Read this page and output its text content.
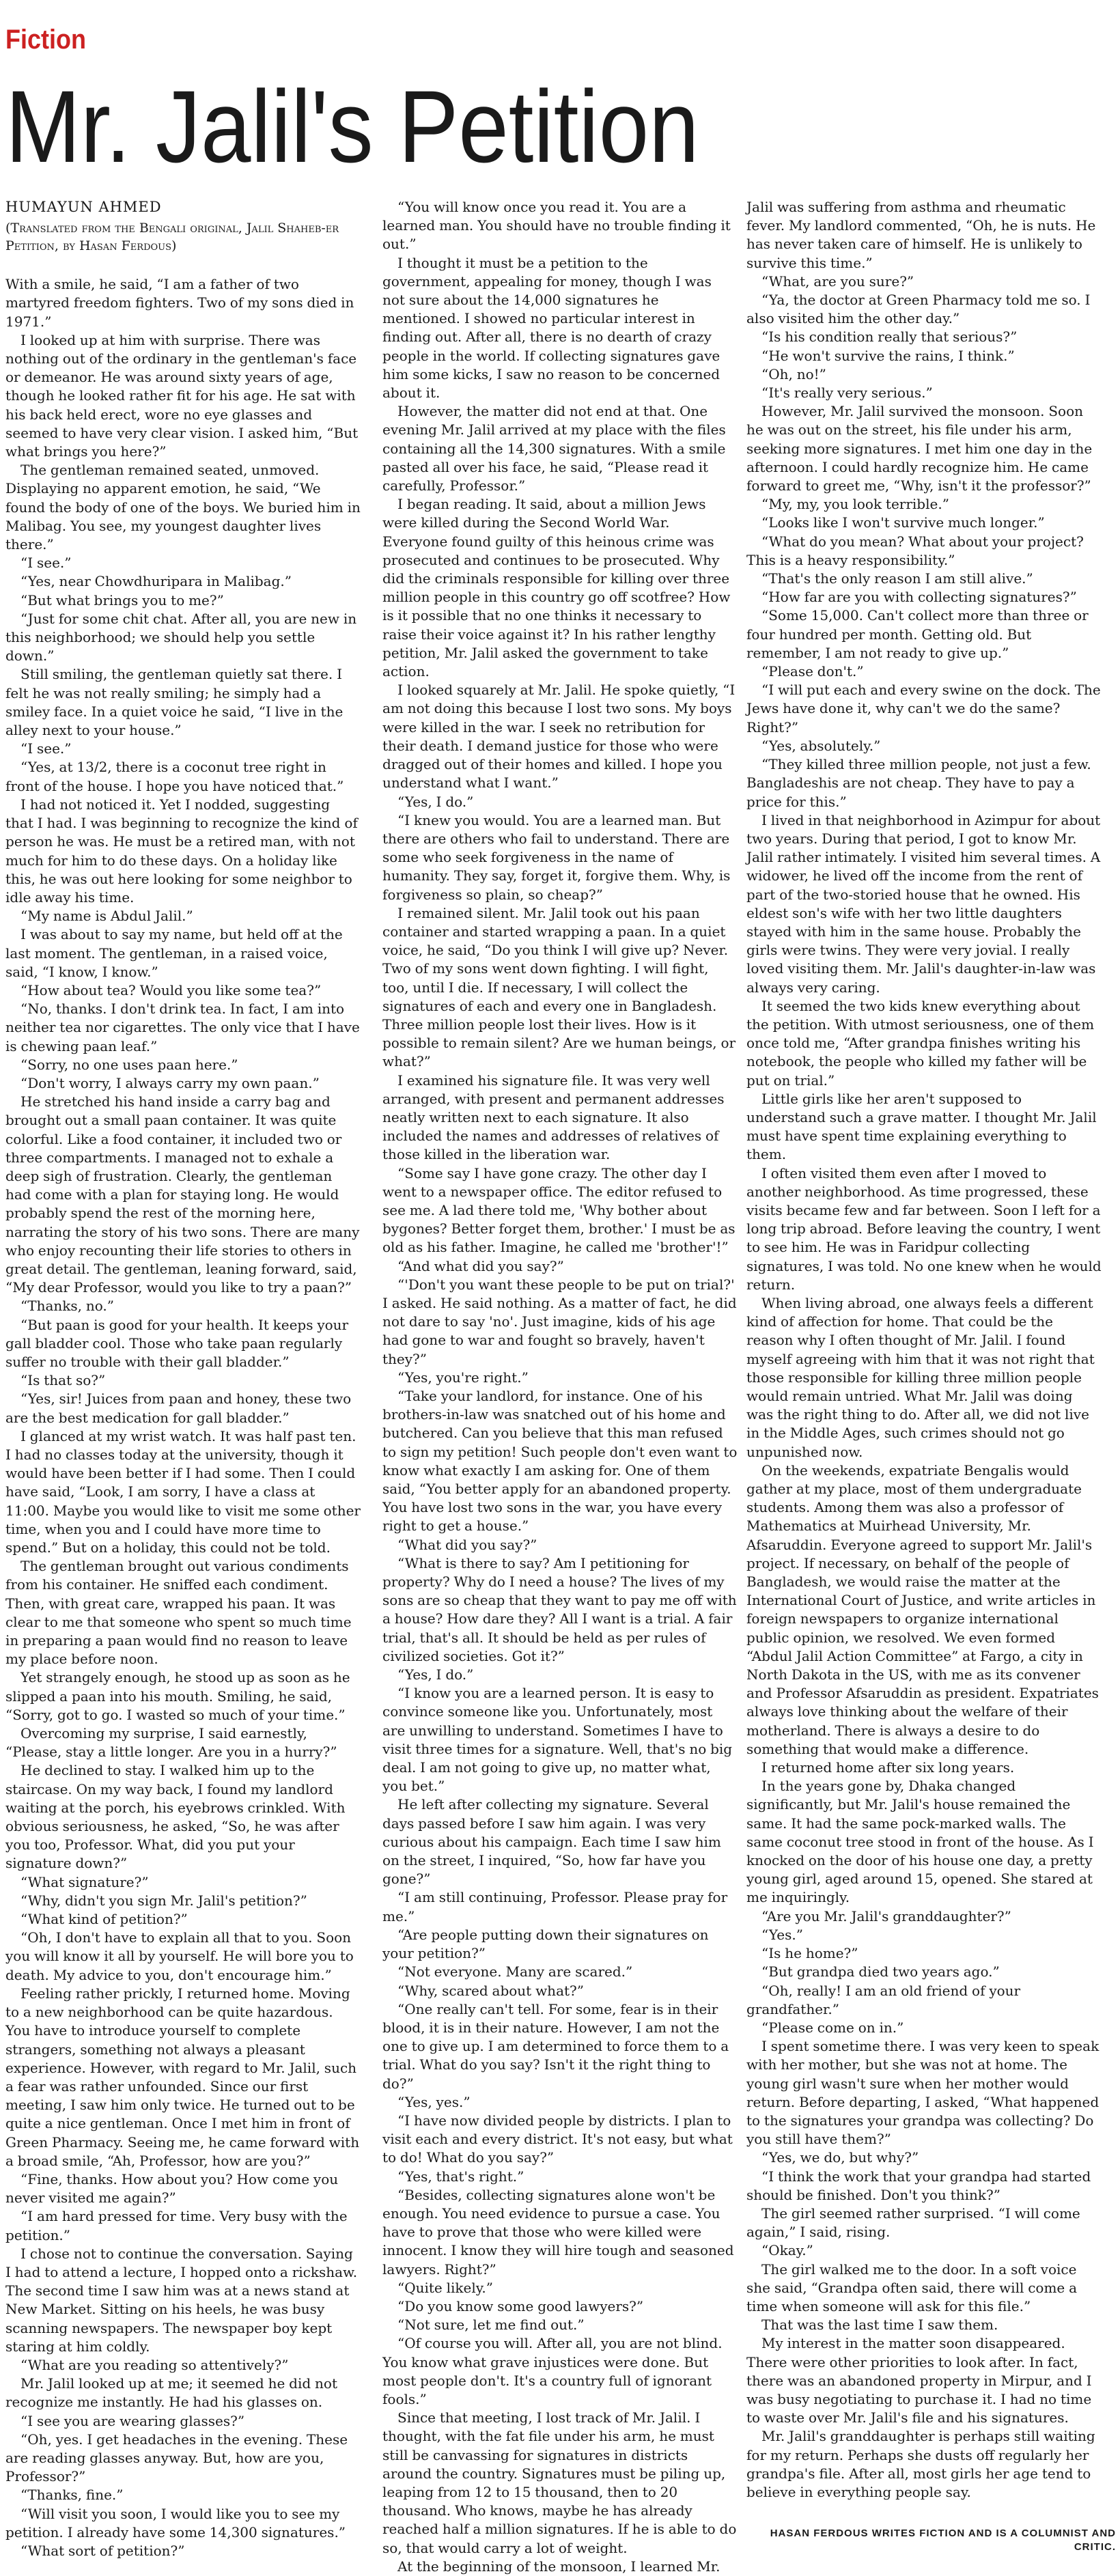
Fiction
Mr. Jalil's Petition
HUMAYUN AHMED
(Translated from the Bengali original, Jalil Shaheb-er Petition, by Hasan Ferdous)

With a smile, he said, “I am a father of two martyred freedom fighters. Two of my sons died in 1971.”

I looked up at him with surprise. There was nothing out of the ordinary in the gentleman's face or demeanor. He was around sixty years of age, though he looked rather fit for his age. He sat with his back held erect, wore no eye glasses and seemed to have very clear vision. I asked him, “But what brings you here?”

The gentleman remained seated, unmoved. Displaying no apparent emotion, he said, “We found the body of one of the boys. We buried him in Malibag. You see, my youngest daughter lives there.”

“I see.”

“Yes, near Chowdhuripara in Malibag.”

“But what brings you to me?”

“Just for some chit chat. After all, you are new in this neighborhood; we should help you settle down.”

Still smiling, the gentleman quietly sat there. I felt he was not really smiling; he simply had a smiley face. In a quiet voice he said, “I live in the alley next to your house.”

“I see.”

“Yes, at 13/2, there is a coconut tree right in front of the house. I hope you have noticed that.”

I had not noticed it. Yet I nodded, suggesting that I had. I was beginning to recognize the kind of person he was. He must be a retired man, with not much for him to do these days. On a holiday like this, he was out here looking for some neighbor to idle away his time.

“My name is Abdul Jalil.”

I was about to say my name, but held off at the last moment. The gentleman, in a raised voice, said, “I know, I know.”

“How about tea? Would you like some tea?”

“No, thanks. I don't drink tea. In fact, I am into neither tea nor cigarettes. The only vice that I have is chewing paan leaf.”

“Sorry, no one uses paan here.”

“Don't worry, I always carry my own paan.”

He stretched his hand inside a carry bag and brought out a small paan container. It was quite colorful. Like a food container, it included two or three compartments. I managed not to exhale a deep sigh of frustration. Clearly, the gentleman had come with a plan for staying long. He would probably spend the rest of the morning here, narrating the story of his two sons. There are many who enjoy recounting their life stories to others in great detail. The gentleman, leaning forward, said, “My dear Professor, would you like to try a paan?”

“Thanks, no.”

“But paan is good for your health. It keeps your gall bladder cool. Those who take paan regularly suffer no trouble with their gall bladder.”

“Is that so?”

“Yes, sir! Juices from paan and honey, these two are the best medication for gall bladder.”

I glanced at my wrist watch. It was half past ten. I had no classes today at the university, though it would have been better if I had some. Then I could have said, “Look, I am sorry, I have a class at 11:00. Maybe you would like to visit me some other time, when you and I could have more time to spend.” But on a holiday, this could not be told.

The gentleman brought out various condiments from his container. He sniffed each condiment. Then, with great care, wrapped his paan. It was clear to me that someone who spent so much time in preparing a paan would find no reason to leave my place before noon.

Yet strangely enough, he stood up as soon as he slipped a paan into his mouth. Smiling, he said, “Sorry, got to go. I wasted so much of your time.”

Overcoming my surprise, I said earnestly, “Please, stay a little longer. Are you in a hurry?”

He declined to stay. I walked him up to the staircase. On my way back, I found my landlord waiting at the porch, his eyebrows crinkled. With obvious seriousness, he asked, “So, he was after you too, Professor. What, did you put your signature down?”

“What signature?”

“Why, didn't you sign Mr. Jalil's petition?”

“What kind of petition?”

“Oh, I don't have to explain all that to you. Soon you will know it all by yourself. He will bore you to death. My advice to you, don't encourage him.”

Feeling rather prickly, I returned home. Moving to a new neighborhood can be quite hazardous. You have to introduce yourself to complete strangers, something not always a pleasant experience. However, with regard to Mr. Jalil, such a fear was rather unfounded. Since our first meeting, I saw him only twice. He turned out to be quite a nice gentleman. Once I met him in front of Green Pharmacy. Seeing me, he came forward with a broad smile, “Ah, Professor, how are you?”

“Fine, thanks. How about you? How come you never visited me again?”

“I am hard pressed for time. Very busy with the petition.”

I chose not to continue the conversation. Saying I had to attend a lecture, I hopped onto a rickshaw. The second time I saw him was at a news stand at New Market. Sitting on his heels, he was busy scanning newspapers. The newspaper boy kept staring at him coldly.

“What are you reading so attentively?”

Mr. Jalil looked up at me; it seemed he did not recognize me instantly. He had his glasses on.

“I see you are wearing glasses?”

“Oh, yes. I get headaches in the evening. These are reading glasses anyway. But, how are you, Professor?”

“Thanks, fine.”

“Will visit you soon, I would like you to see my petition. I already have some 14,300 signatures.”

“What sort of petition?”

“You will know once you read it. You are a learned man. You should have no trouble finding it out.”

I thought it must be a petition to the government, appealing for money, though I was not sure about the 14,000 signatures he mentioned. I showed no particular interest in finding out. After all, there is no dearth of crazy people in the world. If collecting signatures gave him some kicks, I saw no reason to be concerned about it.

However, the matter did not end at that. One evening Mr. Jalil arrived at my place with the files containing all the 14,300 signatures. With a smile pasted all over his face, he said, “Please read it carefully, Professor.”

I began reading. It said, about a million Jews were killed during the Second World War. Everyone found guilty of this heinous crime was prosecuted and continues to be prosecuted. Why did the criminals responsible for killing over three million people in this country go off scotfree? How is it possible that no one thinks it necessary to raise their voice against it? In his rather lengthy petition, Mr. Jalil asked the government to take action.

I looked squarely at Mr. Jalil. He spoke quietly, “I am not doing this because I lost two sons. My boys were killed in the war. I seek no retribution for their death. I demand justice for those who were dragged out of their homes and killed. I hope you understand what I want.”

“Yes, I do.”

“I knew you would. You are a learned man. But there are others who fail to understand. There are some who seek forgiveness in the name of humanity. They say, forget it, forgive them. Why, is forgiveness so plain, so cheap?”

I remained silent. Mr. Jalil took out his paan container and started wrapping a paan. In a quiet voice, he said, “Do you think I will give up? Never. Two of my sons went down fighting. I will fight, too, until I die. If necessary, I will collect the signatures of each and every one in Bangladesh. Three million people lost their lives. How is it possible to remain silent? Are we human beings, or what?”

I examined his signature file. It was very well arranged, with present and permanent addresses neatly written next to each signature. It also included the names and addresses of relatives of those killed in the liberation war.

“Some say I have gone crazy. The other day I went to a newspaper office. The editor refused to see me. A lad there told me, 'Why bother about bygones? Better forget them, brother.' I must be as old as his father. Imagine, he called me 'brother'!”

“And what did you say?”

“'Don't you want these people to be put on trial?' I asked. He said nothing. As a matter of fact, he did not dare to say 'no'. Just imagine, kids of his age had gone to war and fought so bravely, haven't they?”

“Yes, you're right.”

“Take your landlord, for instance. One of his brothers-in-law was snatched out of his home and butchered. Can you believe that this man refused to sign my petition! Such people don't even want to know what exactly I am asking for. One of them said, “You better apply for an abandoned property. You have lost two sons in the war, you have every right to get a house.”

“What did you say?”

“What is there to say? Am I petitioning for property? Why do I need a house? The lives of my sons are so cheap that they want to pay me off with a house? How dare they? All I want is a trial. A fair trial, that's all. It should be held as per rules of civilized societies. Got it?”

“Yes, I do.”

“I know you are a learned person. It is easy to convince someone like you. Unfortunately, most are unwilling to understand. Sometimes I have to visit three times for a signature. Well, that's no big deal. I am not going to give up, no matter what, you bet.”

He left after collecting my signature. Several days passed before I saw him again. I was very curious about his campaign. Each time I saw him on the street, I inquired, “So, how far have you gone?”

“I am still continuing, Professor. Please pray for me.”

“Are people putting down their signatures on your petition?”

“Not everyone. Many are scared.”

“Why, scared about what?”

“One really can't tell. For some, fear is in their blood, it is in their nature. However, I am not the one to give up. I am determined to force them to a trial. What do you say? Isn't it the right thing to do?”

“Yes, yes.”

“I have now divided people by districts. I plan to visit each and every district. It's not easy, but what to do! What do you say?”

“Yes, that's right.”

“Besides, collecting signatures alone won't be enough. You need evidence to pursue a case. You have to prove that those who were killed were innocent. I know they will hire tough and seasoned lawyers. Right?”

“Quite likely.”

“Do you know some good lawyers?”

“Not sure, let me find out.”

“Of course you will. After all, you are not blind. You know what grave injustices were done. But most people don't. It's a country full of ignorant fools.”

Since that meeting, I lost track of Mr. Jalil. I thought, with the fat file under his arm, he must still be canvassing for signatures in districts around the country. Signatures must be piling up, leaping from 12 to 15 thousand, then to 20 thousand. Who knows, maybe he has already reached half a million signatures. If he is able to do so, that would carry a lot of weight.

At the beginning of the monsoon, I learned Mr.

Jalil was suffering from asthma and rheumatic fever. My landlord commented, “Oh, he is nuts. He has never taken care of himself. He is unlikely to survive this time.”

“What, are you sure?”

“Ya, the doctor at Green Pharmacy told me so. I also visited him the other day.”

“Is his condition really that serious?”

“He won't survive the rains, I think.”

“Oh, no!”

“It's really very serious.”

However, Mr. Jalil survived the monsoon. Soon he was out on the street, his file under his arm, seeking more signatures. I met him one day in the afternoon. I could hardly recognize him. He came forward to greet me, “Why, isn't it the professor?”

“My, my, you look terrible.”

“Looks like I won't survive much longer.”

“What do you mean? What about your project? This is a heavy responsibility.”

“That's the only reason I am still alive.”

“How far are you with collecting signatures?”

“Some 15,000. Can't collect more than three or four hundred per month. Getting old. But remember, I am not ready to give up.”

“Please don't.”

“I will put each and every swine on the dock. The Jews have done it, why can't we do the same? Right?”

“Yes, absolutely.”

“They killed three million people, not just a few. Bangladeshis are not cheap. They have to pay a price for this.”

I lived in that neighborhood in Azimpur for about two years. During that period, I got to know Mr. Jalil rather intimately. I visited him several times. A widower, he lived off the income from the rent of part of the two-storied house that he owned. His eldest son's wife with her two little daughters stayed with him in the same house. Probably the girls were twins. They were very jovial. I really loved visiting them. Mr. Jalil's daughter-in-law was always very caring.

It seemed the two kids knew everything about the petition. With utmost seriousness, one of them once told me, “After grandpa finishes writing his notebook, the people who killed my father will be put on trial.”

Little girls like her aren't supposed to understand such a grave matter. I thought Mr. Jalil must have spent time explaining everything to them.

I often visited them even after I moved to another neighborhood. As time progressed, these visits became few and far between. Soon I left for a long trip abroad. Before leaving the country, I went to see him. He was in Faridpur collecting signatures, I was told. No one knew when he would return.

When living abroad, one always feels a different kind of affection for home. That could be the reason why I often thought of Mr. Jalil. I found myself agreeing with him that it was not right that those responsible for killing three million people would remain untried. What Mr. Jalil was doing was the right thing to do. After all, we did not live in the Middle Ages, such crimes should not go unpunished now.

On the weekends, expatriate Bengalis would gather at my place, most of them undergraduate students. Among them was also a professor of Mathematics at Muirhead University, Mr. Afsaruddin. Everyone agreed to support Mr. Jalil's project. If necessary, on behalf of the people of Bangladesh, we would raise the matter at the International Court of Justice, and write articles in foreign newspapers to organize international public opinion, we resolved. We even formed “Abdul Jalil Action Committee” at Fargo, a city in North Dakota in the US, with me as its convener and Professor Afsaruddin as president. Expatriates always love thinking about the welfare of their motherland. There is always a desire to do something that would make a difference.

I returned home after six long years.

In the years gone by, Dhaka changed significantly, but Mr. Jalil's house remained the same. It had the same pock-marked walls. The same coconut tree stood in front of the house. As I knocked on the door of his house one day, a pretty young girl, aged around 15, opened. She stared at me inquiringly.

“Are you Mr. Jalil's granddaughter?”

“Yes.”

“Is he home?”

“But grandpa died two years ago.”

“Oh, really! I am an old friend of your grandfather.”

“Please come on in.”

I spent sometime there. I was very keen to speak with her mother, but she was not at home. The young girl wasn't sure when her mother would return. Before departing, I asked, “What happened to the signatures your grandpa was collecting? Do you still have them?”

“Yes, we do, but why?”

“I think the work that your grandpa had started should be finished. Don't you think?”

The girl seemed rather surprised. “I will come again,” I said, rising.

“Okay.”

The girl walked me to the door. In a soft voice she said, “Grandpa often said, there will come a time when someone will ask for this file.”

That was the last time I saw them.

My interest in the matter soon disappeared. There were other priorities to look after. In fact, there was an abandoned property in Mirpur, and I was busy negotiating to purchase it. I had no time to waste over Mr. Jalil's file and his signatures.

Mr. Jalil's granddaughter is perhaps still waiting for my return. Perhaps she dusts off regularly her grandpa's file. After all, most girls her age tend to believe in everything people say.

HASAN FERDOUS WRITES FICTION AND IS A COLUMNIST AND CRITIC.
